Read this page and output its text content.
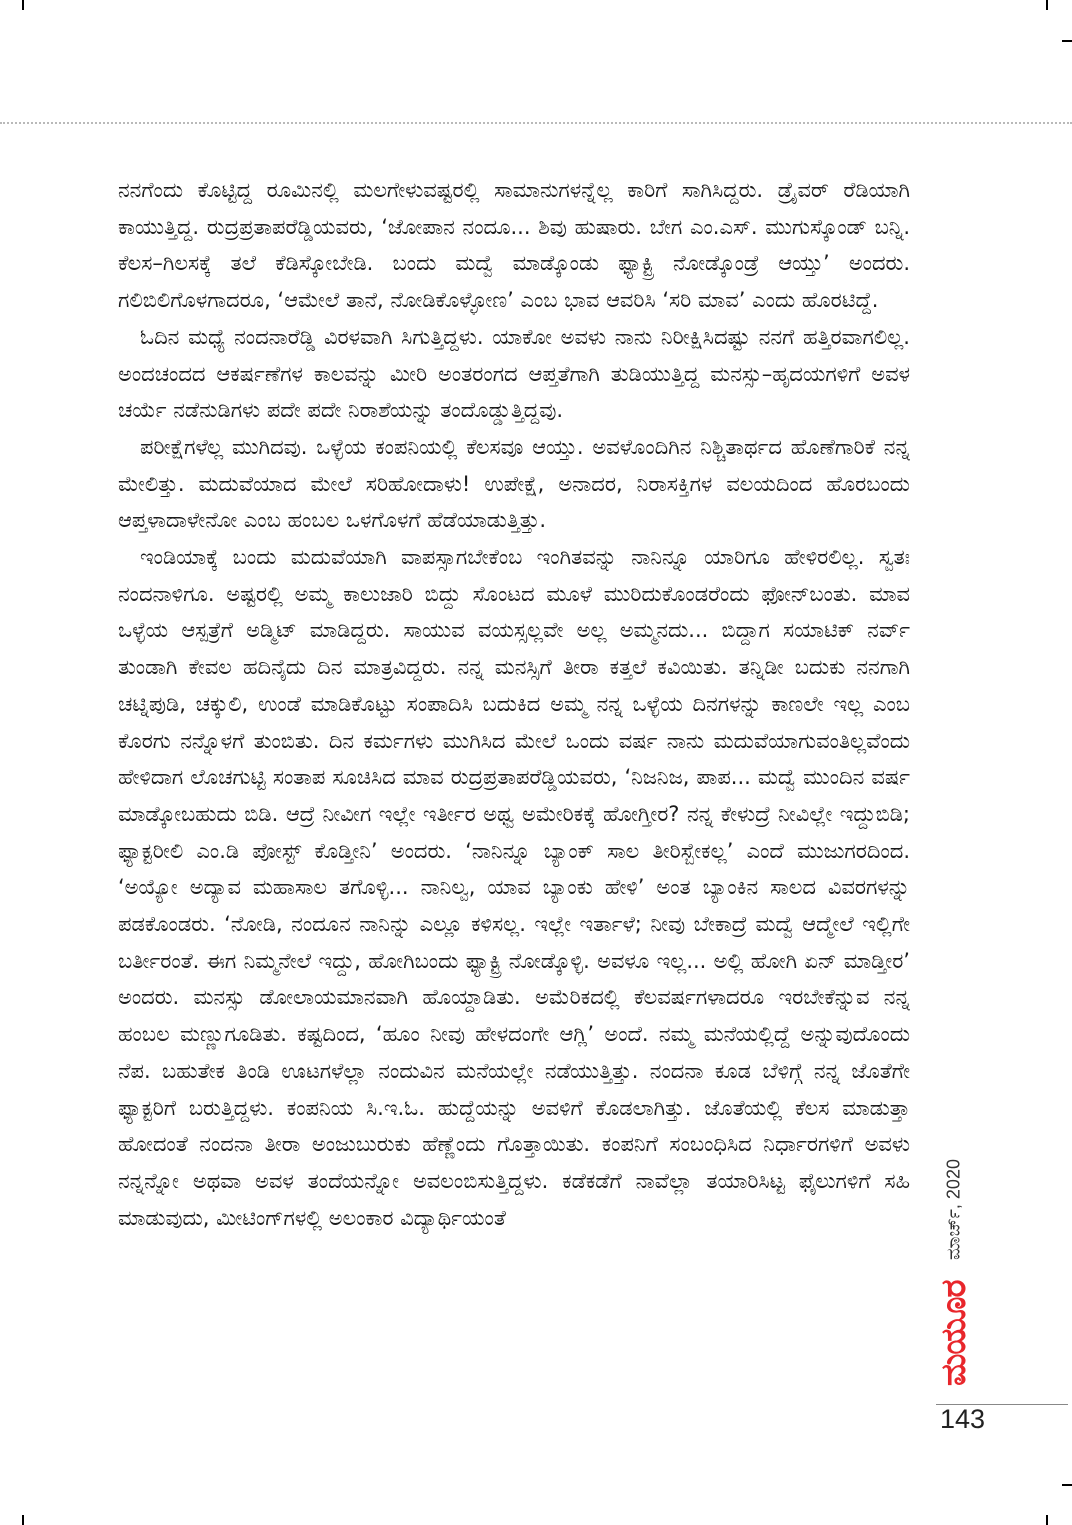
ನನಗೆಂದು ಕೊಟ್ಟಿದ್ದ ರೂಮಿನಲ್ಲಿ ಮಲಗೇಳುವಷ್ಟರಲ್ಲಿ ಸಾಮಾನುಗಳನ್ನೆಲ್ಲ ಕಾರಿಗೆ ಸಾಗಿಸಿದ್ದರು. ಡ್ರೈವರ್ ರೆಡಿಯಾಗಿ ಕಾಯುತ್ತಿದ್ದ. ರುದ್ರಪ್ರತಾಪರೆಡ್ಡಿಯವರು, ‘ಜೋಪಾನ ನಂದೂ... ಶಿವು ಹುಷಾರು. ಬೇಗ ಎಂ.ಎಸ್. ಮುಗುಸ್ಕೊಂಡ್ ಬನ್ನಿ. ಕೆಲಸ–ಗಿಲಸಕ್ಕೆ ತಲೆ ಕೆಡಿಸ್ಕೋಬೇಡಿ. ಬಂದು ಮದ್ವೆ ಮಾಡ್ಕೊಂಡು ಫ್ಯಾಕ್ಟ್ರಿ ನೋಡ್ಕೊಂಡ್ರೆ ಆಯ್ತು’ ಅಂದರು. ಗಲಿಬಿಲಿಗೊಳಗಾದರೂ, ‘ಆಮೇಲೆ ತಾನೆ, ನೋಡಿಕೊಳ್ಳೋಣ’ ಎಂಬ ಭಾವ ಆವರಿಸಿ ‘ಸರಿ ಮಾವ’ ಎಂದು ಹೊರಟಿದ್ದೆ.

ಓದಿನ ಮಧ್ಯೆ ನಂದನಾರೆಡ್ಡಿ ವಿರಳವಾಗಿ ಸಿಗುತ್ತಿದ್ದಳು. ಯಾಕೋ ಅವಳು ನಾನು ನಿರೀಕ್ಷಿಸಿದಷ್ಟು ನನಗೆ ಹತ್ತಿರವಾಗಲಿಲ್ಲ. ಅಂದಚಂದದ ಆಕರ್ಷಣೆಗಳ ಕಾಲವನ್ನು ಮೀರಿ ಅಂತರಂಗದ ಆಪ್ತತೆಗಾಗಿ ತುಡಿಯುತ್ತಿದ್ದ ಮನಸ್ಸು–ಹೃದಯಗಳಿಗೆ ಅವಳ ಚರ್ಯೆ ನಡೆನುಡಿಗಳು ಪದೇ ಪದೇ ನಿರಾಶೆಯನ್ನು ತಂದೊಡ್ಡುತ್ತಿದ್ದವು.

ಪರೀಕ್ಷೆಗಳೆಲ್ಲ ಮುಗಿದವು. ಒಳ್ಳೆಯ ಕಂಪನಿಯಲ್ಲಿ ಕೆಲಸವೂ ಆಯ್ತು. ಅವಳೊಂದಿಗಿನ ನಿಶ್ಚಿತಾರ್ಥದ ಹೊಣೆಗಾರಿಕೆ ನನ್ನ ಮೇಲಿತ್ತು. ಮದುವೆಯಾದ ಮೇಲೆ ಸರಿಹೋದಾಳು! ಉಪೇಕ್ಷೆ, ಅನಾದರ, ನಿರಾಸಕ್ತಿಗಳ ವಲಯದಿಂದ ಹೊರಬಂದು ಆಪ್ತಳಾದಾಳೇನೋ ಎಂಬ ಹಂಬಲ ಒಳಗೊಳಗೆ ಹೆಡೆಯಾಡುತ್ತಿತ್ತು.

ಇಂಡಿಯಾಕ್ಕೆ ಬಂದು ಮದುವೆಯಾಗಿ ವಾಪಸ್ಸಾಗಬೇಕೆಂಬ ಇಂಗಿತವನ್ನು ನಾನಿನ್ನೂ ಯಾರಿಗೂ ಹೇಳಿರಲಿಲ್ಲ. ಸ್ವತಃ ನಂದನಾಳಿಗೂ. ಅಷ್ಟರಲ್ಲಿ ಅಮ್ಮ ಕಾಲುಜಾರಿ ಬಿದ್ದು ಸೊಂಟದ ಮೂಳೆ ಮುರಿದುಕೊಂಡರೆಂದು ಫೋನ್‌ಬಂತು. ಮಾವ ಒಳ್ಳೆಯ ಆಸ್ಪತ್ರೆಗೆ ಅಡ್ಮಿಟ್ ಮಾಡಿದ್ದರು. ಸಾಯುವ ವಯಸ್ಸಲ್ಲವೇ ಅಲ್ಲ ಅಮ್ಮನದು... ಬಿದ್ದಾಗ ಸಯಾಟಿಕ್ ನರ್ವ್ ತುಂಡಾಗಿ ಕೇವಲ ಹದಿನೈದು ದಿನ ಮಾತ್ರವಿದ್ದರು. ನನ್ನ ಮನಸ್ಸಿಗೆ ತೀರಾ ಕತ್ತಲೆ ಕವಿಯಿತು. ತನ್ನಿಡೀ ಬದುಕು ನನಗಾಗಿ ಚಟ್ನಿಪುಡಿ, ಚಕ್ಕುಲಿ, ಉಂಡೆ ಮಾಡಿಕೊಟ್ಟು ಸಂಪಾದಿಸಿ ಬದುಕಿದ ಅಮ್ಮ ನನ್ನ ಒಳ್ಳೆಯ ದಿನಗಳನ್ನು ಕಾಣಲೇ ಇಲ್ಲ ಎಂಬ ಕೊರಗು ನನ್ನೊಳಗೆ ತುಂಬಿತು. ದಿನ ಕರ್ಮಗಳು ಮುಗಿಸಿದ ಮೇಲೆ ಒಂದು ವರ್ಷ ನಾನು ಮದುವೆಯಾಗುವಂತಿಲ್ಲವೆಂದು ಹೇಳಿದಾಗ ಲೊಚಗುಟ್ಟಿ ಸಂತಾಪ ಸೂಚಿಸಿದ ಮಾವ ರುದ್ರಪ್ರತಾಪರೆಡ್ಡಿಯವರು, ‘ನಿಜನಿಜ, ಪಾಪ... ಮದ್ವೆ ಮುಂದಿನ ವರ್ಷ ಮಾಡ್ಕೋಬಹುದು ಬಿಡಿ. ಆದ್ರೆ ನೀವೀಗ ಇಲ್ಲೇ ಇರ್ತೀರ ಅಥ್ವ ಅಮೇರಿಕಕ್ಕೆ ಹೋಗ್ತೀರ? ನನ್ನ ಕೇಳುದ್ರೆ ನೀವಿಲ್ಲೇ ಇದ್ದುಬಿಡಿ; ಫ್ಯಾಕ್ಟರೀಲಿ ಎಂ.ಡಿ ಪೋಸ್ಟ್ ಕೊಡ್ತೀನಿ’ ಅಂದರು. ‘ನಾನಿನ್ನೂ ಬ್ಯಾಂಕ್ ಸಾಲ ತೀರಿಸ್ಬೇಕಲ್ಲ’ ಎಂದೆ ಮುಜುಗರದಿಂದ. ‘ಅಯ್ಯೋ ಅದ್ಯಾವ ಮಹಾಸಾಲ ತಗೊಳ್ಳಿ... ನಾನಿಲ್ವ, ಯಾವ ಬ್ಯಾಂಕು ಹೇಳಿ’ ಅಂತ ಬ್ಯಾಂಕಿನ ಸಾಲದ ವಿವರಗಳನ್ನು ಪಡಕೊಂಡರು. ‘ನೋಡಿ, ನಂದೂನ ನಾನಿನ್ನು ಎಲ್ಲೂ ಕಳಿಸಲ್ಲ. ಇಲ್ಲೇ ಇರ್ತಾಳೆ; ನೀವು ಬೇಕಾದ್ರೆ ಮದ್ವೆ ಆದ್ಮೇಲೆ ಇಲ್ಲಿಗೇ ಬರ್ತೀರಂತೆ. ಈಗ ನಿಮ್ಮನೇಲೆ ಇದ್ದು, ಹೋಗಿಬಂದು ಫ್ಯಾಕ್ಟ್ರಿ ನೋಡ್ಕೊಳ್ಳಿ. ಅವಳೂ ಇಲ್ಲ... ಅಲ್ಲಿ ಹೋಗಿ ಏನ್ ಮಾಡ್ತೀರ’ ಅಂದರು. ಮನಸ್ಸು ಡೋಲಾಯಮಾನವಾಗಿ ಹೊಯ್ದಾಡಿತು. ಅಮೆರಿಕದಲ್ಲಿ ಕೆಲವರ್ಷಗಳಾದರೂ ಇರಬೇಕೆನ್ನುವ ನನ್ನ ಹಂಬಲ ಮಣ್ಣುಗೂಡಿತು. ಕಷ್ಟದಿಂದ, ‘ಹೂಂ ನೀವು ಹೇಳದಂಗೇ ಆಗ್ಲಿ’ ಅಂದೆ. ನಮ್ಮ ಮನೆಯಲ್ಲಿದ್ದೆ ಅನ್ನುವುದೊಂದು ನೆಪ. ಬಹುತೇಕ ತಿಂಡಿ ಊಟಗಳೆಲ್ಲಾ ನಂದುವಿನ ಮನೆಯಲ್ಲೇ ನಡೆಯುತ್ತಿತ್ತು. ನಂದನಾ ಕೂಡ ಬೆಳಿಗ್ಗೆ ನನ್ನ ಜೊತೆಗೇ ಫ್ಯಾಕ್ಟರಿಗೆ ಬರುತ್ತಿದ್ದಳು. ಕಂಪನಿಯ ಸಿ.ಇ.ಓ. ಹುದ್ದೆಯನ್ನು ಅವಳಿಗೆ ಕೊಡಲಾಗಿತ್ತು. ಜೊತೆಯಲ್ಲಿ ಕೆಲಸ ಮಾಡುತ್ತಾ ಹೋದಂತೆ ನಂದನಾ ತೀರಾ ಅಂಜುಬುರುಕು ಹೆಣ್ಣೆಂದು ಗೊತ್ತಾಯಿತು. ಕಂಪನಿಗೆ ಸಂಬಂಧಿಸಿದ ನಿರ್ಧಾರಗಳಿಗೆ ಅವಳು ನನ್ನನ್ನೋ ಅಥವಾ ಅವಳ ತಂದೆಯನ್ನೋ ಅವಲಂಬಿಸುತ್ತಿದ್ದಳು. ಕಡೆಕಡೆಗೆ ನಾವೆಲ್ಲಾ ತಯಾರಿಸಿಟ್ಟ ಫೈಲುಗಳಿಗೆ ಸಹಿ ಮಾಡುವುದು, ಮೀಟಿಂಗ್‌ಗಳಲ್ಲಿ ಅಲಂಕಾರ ವಿದ್ಯಾರ್ಥಿಯಂತೆ	ಮಾರ್ಚ್, 2020
ಮಯೂರ
143
